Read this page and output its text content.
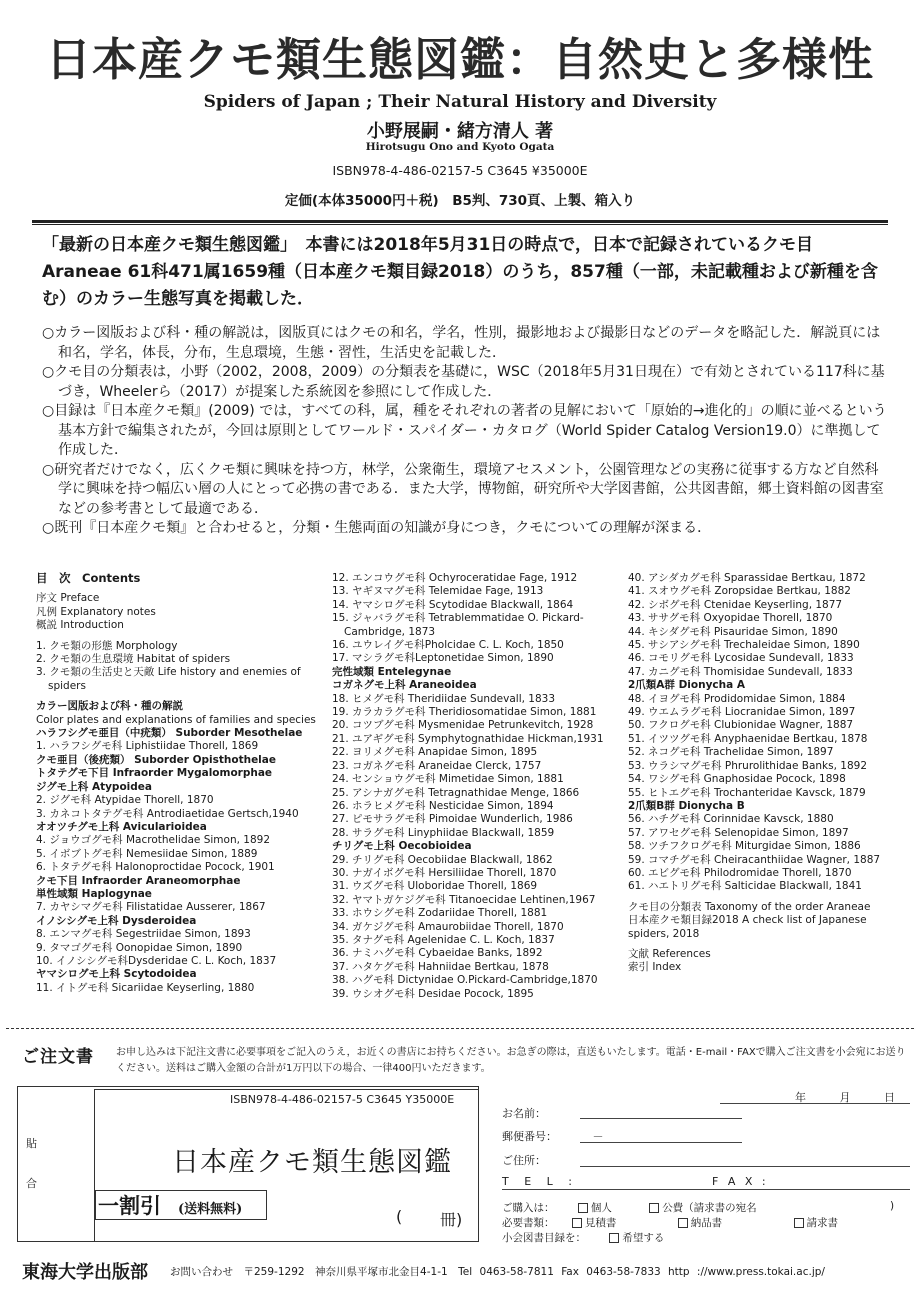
日本産クモ類生態図鑑：自然史と多様性
Spiders of Japan ; Their Natural History and Diversity
小野展嗣・緒方清人 著
Hirotsugu Ono and Kyoto Ogata
ISBN978-4-486-02157-5 C3645 ¥35000E
定価(本体35000円＋税)　B5判、730頁、上製、箱入り
「最新の日本産クモ類生態図鑑」　本書には2018年5月31日の時点で，日本で記録されているクモ目Araneae 61科471属1659種（日本産クモ類目録2018）のうち，857種（一部，未記載種および新種を含む）のカラー生態写真を掲載した．

○カラー図版および科・種の解説は，図版頁にはクモの和名，学名，性別，撮影地および撮影日などのデータを略記した．解説頁には和名，学名，体長，分布，生息環境，生態・習性，生活史を記載した．

○クモ目の分類表は，小野（2002，2008，2009）の分類表を基礎に，WSC（2018年5月31日現在）で有効とされている117科に基づき，Wheelerら（2017）が提案した系統図を参照にして作成した．

○目録は『日本産クモ類』(2009) では，すべての科，属，種をそれぞれの著者の見解において「原始的→進化的」の順に並べるという基本方針で編集されたが，今回は原則としてワールド・スパイダー・カタログ（World Spider Catalog Version19.0）に準拠して作成した．

○研究者だけでなく，広くクモ類に興味を持つ方，林学，公衆衛生，環境アセスメント，公園管理などの実務に従事する方など自然科学に興味を持つ幅広い層の人にとって必携の書である．また大学，博物館，研究所や大学図書館，公共図書館，郷土資料館の図書室などの参考書として最適である．

○既刊『日本産クモ類』と合わせると，分類・生態両面の知識が身につき，クモについての理解が深まる．

目　次　Contents
序文 Preface
凡例 Explanatory notes
概説 Introduction
1. クモ類の形態 Morphology
2. クモ類の生息環境 Habitat of spiders
3. クモ類の生活史と天敵 Life history and enemies of spiders
カラー図版および科・種の解説
Color plates and explanations of families and species
ハラフシグモ亜目（中疣類） Suborder Mesothelae
1. ハラフシグモ科 Liphistiidae Thorell, 1869
クモ亜目（後疣類） Suborder Opisthothelae
トタテグモ下目 Infraorder Mygalomorphae
ジグモ上科 Atypoidea
2. ジグモ科 Atypidae Thorell, 1870
3. カネコトタテグモ科 Antrodiaetidae Gertsch,1940
オオツチグモ上科 Avicularioidea
4. ジョウゴグモ科 Macrothelidae Simon, 1892
5. イボブトグモ科 Nemesiidae Simon, 1889
6. トタテグモ科 Halonoproctidae Pocock, 1901
クモ下目 Infraorder Araneomorphae
単性域類 Haplogynae
7. カヤシマグモ科 Filistatidae Ausserer, 1867
イノシシグモ上科 Dysderoidea
8. エンマグモ科 Segestriidae Simon, 1893
9. タマゴグモ科 Oonopidae Simon, 1890
10. イノシシグモ科Dysderidae C. L. Koch, 1837
ヤマシログモ上科 Scytodoidea
11. イトグモ科 Sicariidae Keyserling, 1880
12. エンコウグモ科 Ochyroceratidae Fage, 1912
13. ヤギヌマグモ科 Telemidae Fage, 1913
14. ヤマシログモ科 Scytodidae Blackwall, 1864
15. ジャバラグモ科 Tetrablemmatidae O. Pickard-Cambridge, 1873
16. ユウレイグモ科Pholcidae C. L. Koch, 1850
17. マシラグモ科Leptonetidae Simon, 1890
完性域類 Entelegynae
コガネグモ上科 Araneoidea
18. ヒメグモ科 Theridiidae Sundevall, 1833
19. カラカラグモ科 Theridiosomatidae Simon, 1881
20. コツブグモ科 Mysmenidae Petrunkevitch, 1928
21. ユアギグモ科 Symphytognathidae Hickman,1931
22. ヨリメグモ科 Anapidae Simon, 1895
23. コガネグモ科 Araneidae Clerck, 1757
24. センショウグモ科 Mimetidae Simon, 1881
25. アシナガグモ科 Tetragnathidae Menge, 1866
26. ホラヒメグモ科 Nesticidae Simon, 1894
27. ピモサラグモ科 Pimoidae Wunderlich, 1986
28. サラグモ科 Linyphiidae Blackwall, 1859
チリグモ上科 Oecobioidea
29. チリグモ科 Oecobiidae Blackwall, 1862
30. ナガイボグモ科 Hersiliidae Thorell, 1870
31. ウズグモ科 Uloboridae Thorell, 1869
32. ヤマトガケジグモ科 Titanoecidae Lehtinen,1967
33. ホウシグモ科 Zodariidae Thorell, 1881
34. ガケジグモ科 Amaurobiidae Thorell, 1870
35. タナグモ科 Agelenidae C. L. Koch, 1837
36. ナミハグモ科 Cybaeidae Banks, 1892
37. ハタケグモ科 Hahniidae Bertkau, 1878
38. ハグモ科 Dictynidae O.Pickard-Cambridge,1870
39. ウシオグモ科 Desidae Pocock, 1895
40. アシダカグモ科 Sparassidae Bertkau, 1872
41. スオウグモ科 Zoropsidae Bertkau, 1882
42. シボグモ科 Ctenidae Keyserling, 1877
43. ササグモ科 Oxyopidae Thorell, 1870
44. キシダグモ科 Pisauridae Simon, 1890
45. サシアシグモ科 Trechaleidae Simon, 1890
46. コモリグモ科 Lycosidae Sundevall, 1833
47. カニグモ科 Thomisidae Sundevall, 1833
2爪類A群 Dionycha A
48. イヨグモ科 Prodidomidae Simon, 1884
49. ウエムラグモ科 Liocranidae Simon, 1897
50. フクログモ科 Clubionidae Wagner, 1887
51. イツツグモ科 Anyphaenidae Bertkau, 1878
52. ネコグモ科 Trachelidae Simon, 1897
53. ウラシマグモ科 Phrurolithidae Banks, 1892
54. ワシグモ科 Gnaphosidae Pocock, 1898
55. ヒトエグモ科 Trochanteridae Kavsck, 1879
2爪類B群 Dionycha B
56. ハチグモ科 Corinnidae Kavsck, 1880
57. アワセグモ科 Selenopidae Simon, 1897
58. ツチフクログモ科 Miturgidae Simon, 1886
59. コマチグモ科 Cheiracanthiidae Wagner, 1887
60. エビグモ科 Philodromidae Thorell, 1870
61. ハエトリグモ科 Salticidae Blackwall, 1841
クモ目の分類表 Taxonomy of the order Araneae
日本産クモ類目録2018 A check list of Japanese spiders, 2018
文献 References
索引 Index
ご注文書 お申し込みは下記注文書に必要事項をご記入のうえ，お近くの書店にお持ちください。お急ぎの際は，直送もいたします。電話・E-mail・FAXで購入ご注文書を小会宛にお送りください。送料はご購入金額の合計が1万円以下の場合、一律400円いただきます。
ISBN978-4-486-02157-5 C3645 Y35000E
貼
合
日本産クモ類生態図鑑
一割引 (送料無料)	( 冊)
年 月 日
お名前：
郵便番号：	－
ご住所：
T E L :	F A X :
ご購入は：	個人	公費（請求書の宛名	)
必要書類：	見積書	納品書	請求書
小会図書目録を：	希望する
東海大学出版部 お問い合わせ　〒259-1292　神奈川県平塚市北金目4-1-1　Tel 0463-58-7811 Fax 0463-58-7833 http ://www.press.tokai.ac.jp/
